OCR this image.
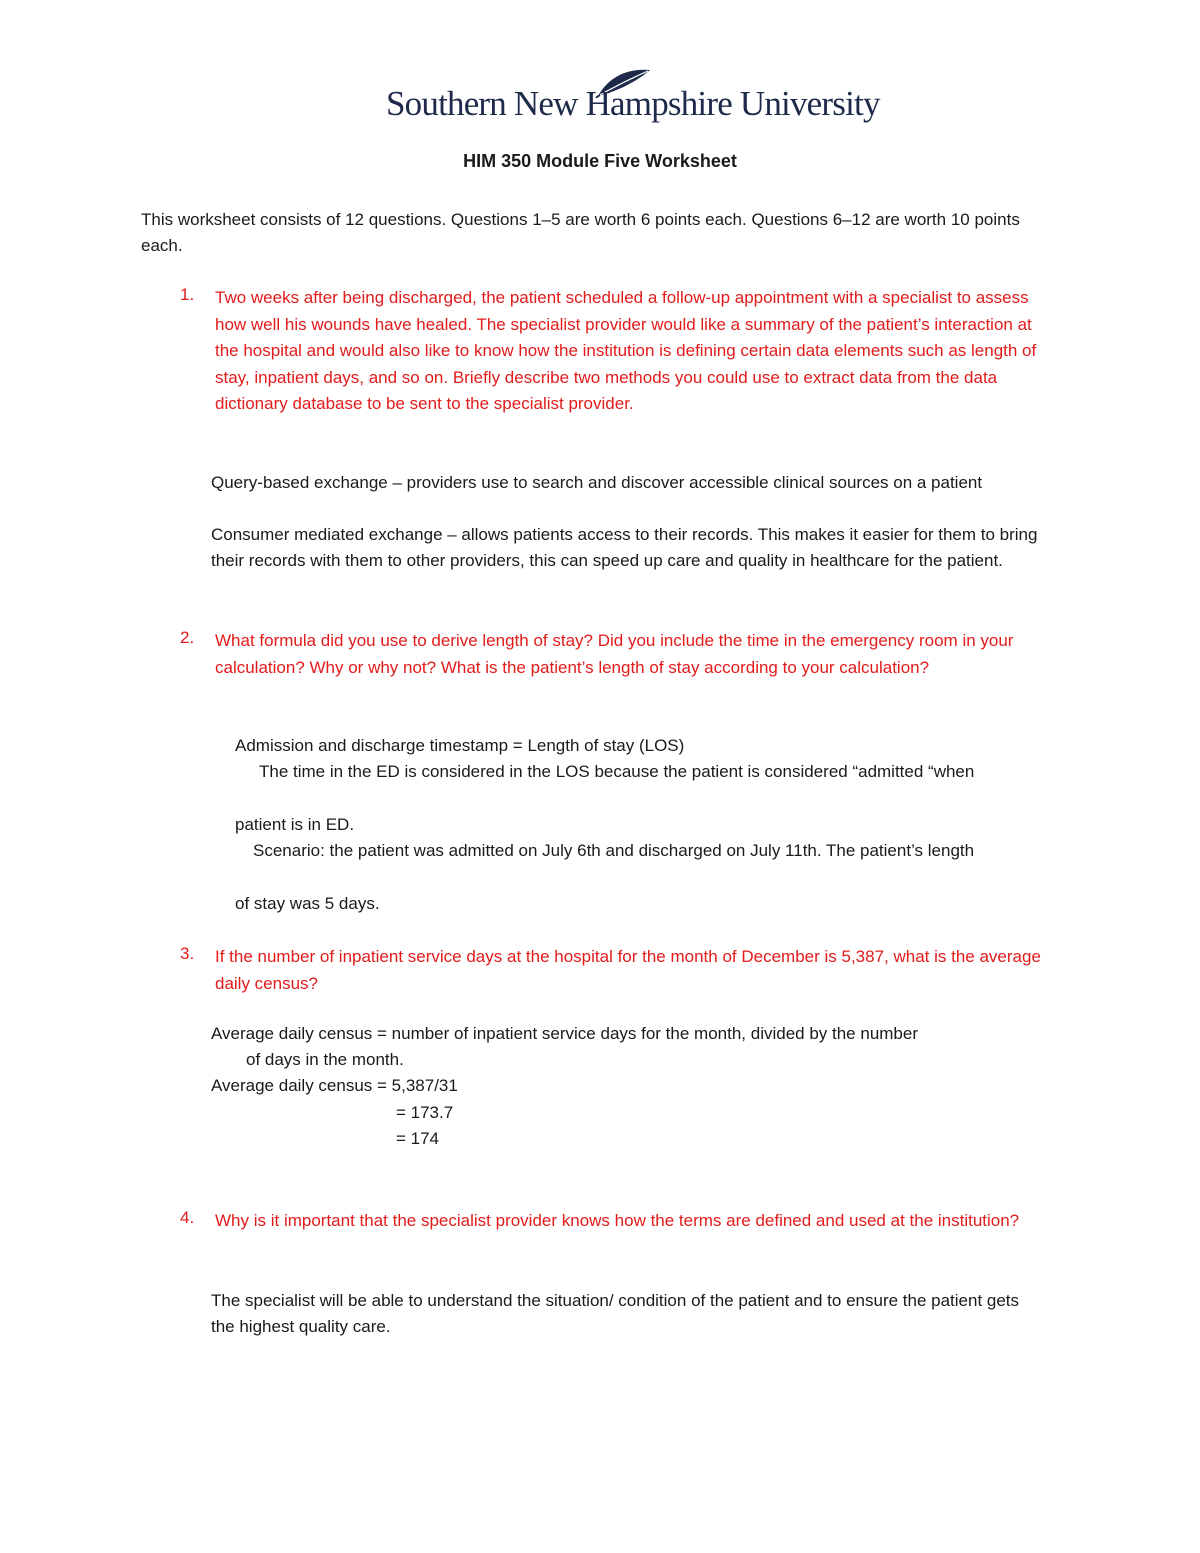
Southern New Hampshire University
HIM 350 Module Five Worksheet
This worksheet consists of 12 questions. Questions 1–5 are worth 6 points each. Questions 6–12 are worth 10 points each.
1. Two weeks after being discharged, the patient scheduled a follow-up appointment with a specialist to assess how well his wounds have healed. The specialist provider would like a summary of the patient’s interaction at the hospital and would also like to know how the institution is defining certain data elements such as length of stay, inpatient days, and so on. Briefly describe two methods you could use to extract data from the data dictionary database to be sent to the specialist provider.
Query-based exchange – providers use to search and discover accessible clinical sources on a patient
Consumer mediated exchange – allows patients access to their records. This makes it easier for them to bring their records with them to other providers, this can speed up care and quality in healthcare for the patient.
2. What formula did you use to derive length of stay? Did you include the time in the emergency room in your calculation? Why or why not? What is the patient’s length of stay according to your calculation?
Admission and discharge timestamp = Length of stay (LOS)
The time in the ED is considered in the LOS because the patient is considered “admitted “when
patient is in ED.
Scenario: the patient was admitted on July 6th and discharged on July 11th. The patient’s length
of stay was 5 days.
3. If the number of inpatient service days at the hospital for the month of December is 5,387, what is the average daily census?
Average daily census = number of inpatient service days for the month, divided by the number
of days in the month.
Average daily census = 5,387/31
= 173.7
= 174
4. Why is it important that the specialist provider knows how the terms are defined and used at the institution?
The specialist will be able to understand the situation/ condition of the patient and to ensure the patient gets the highest quality care.
